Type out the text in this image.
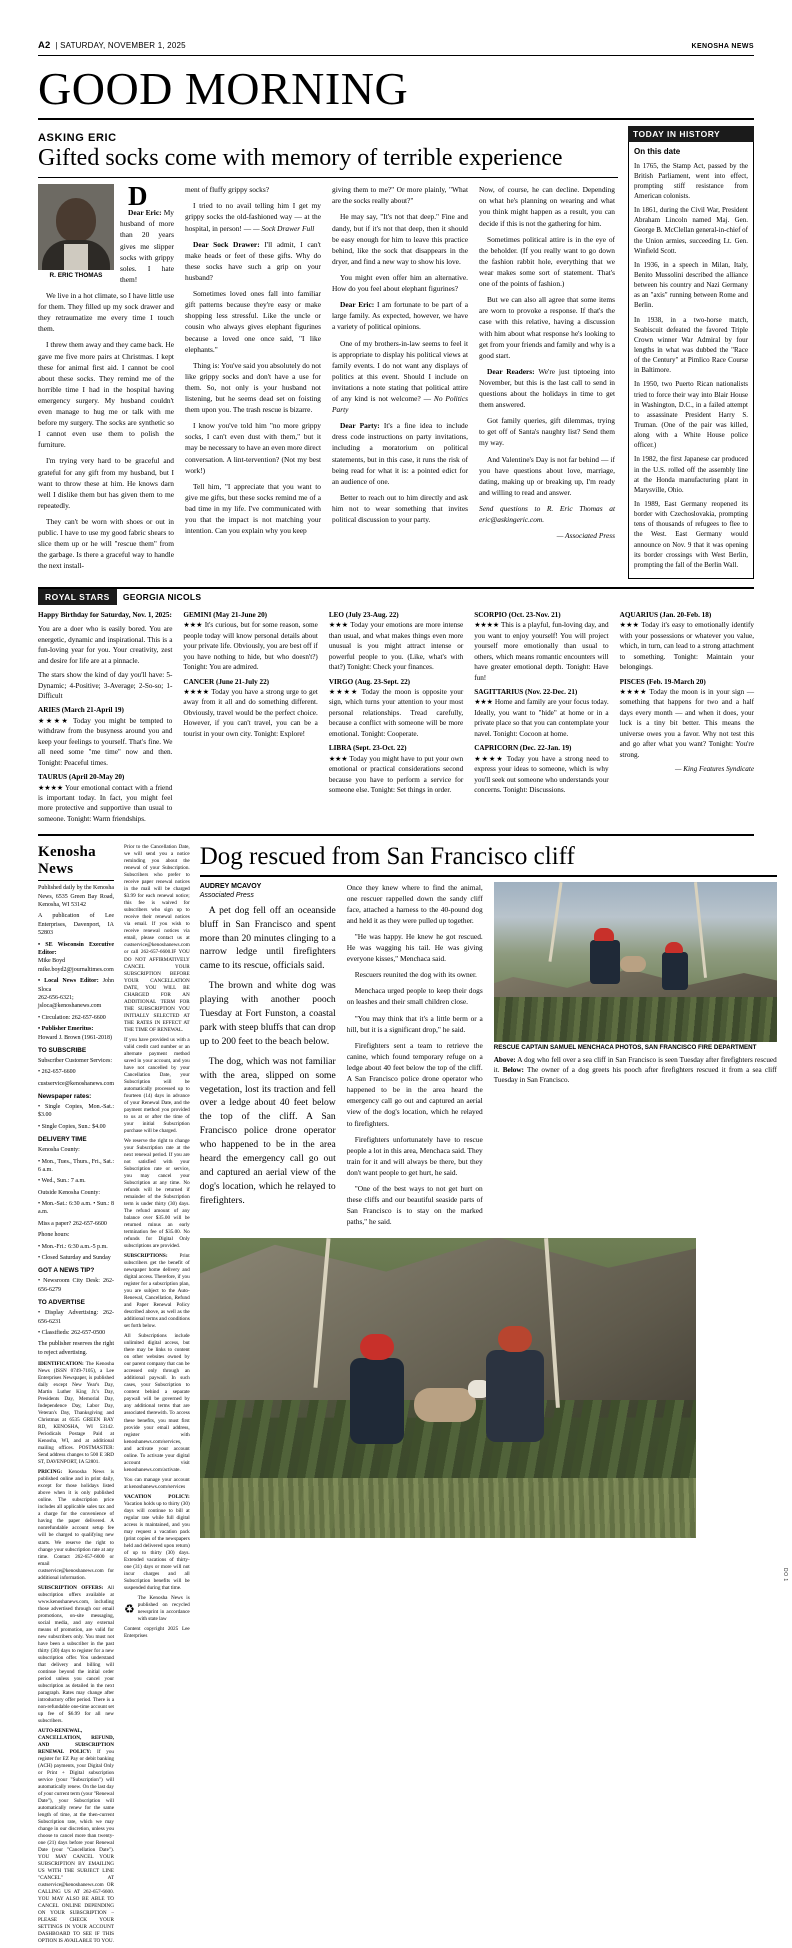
A2  | SATURDAY, NOVEMBER 1, 2025	KENOSHA NEWS
GOOD MORNING
ASKING ERIC
Gifted socks come with memory of terrible experience
R. ERIC THOMAS

D
Dear Eric: My husband of more than 20 years gives me slipper socks with grippy soles. I hate them!

We live in a hot climate, so I have little use for them. They filled up my sock drawer and they retraumatize me every time I touch them.

I threw them away and they came back. He gave me five more pairs at Christmas. I kept these for animal first aid. I cannot be cool about these socks. They remind me of the horrible time I had in the hospital having emergency surgery. My husband couldn't even manage to hug me or talk with me before my surgery. The socks are synthetic so I cannot even use them to polish the furniture.

I'm trying very hard to be graceful and grateful for any gift from my husband, but I want to throw these at him. He knows darn well I dislike them but has given them to me repeatedly.

They can't be worn with shoes or out in public. I have to use my good fabric shears to slice them up or he will "rescue them" from the garbage. Is there a graceful way to handle the next install-

ment of fluffy grippy socks?

I tried to no avail telling him I get my grippy socks the old-fashioned way — at the hospital, in person! — — Sock Drawer Full

Dear Sock Drawer: I'll admit, I can't make heads or feet of these gifts. Why do these socks have such a grip on your husband?

Sometimes loved ones fall into familiar gift patterns because they're easy or make shopping less stressful. Like the uncle or cousin who always gives elephant figurines because a loved one once said, "I like elephants."

Thing is: You've said you absolutely do not like grippy socks and don't have a use for them. So, not only is your husband not listening, but he seems dead set on foisting them upon you. The trash rescue is bizarre.

I know you've told him "no more grippy socks, I can't even dust with them," but it may be necessary to have an even more direct conversation. A lint-tervention? (Not my best work!)

Tell him, "I appreciate that you want to give me gifts, but these socks remind me of a bad time in my life. I've communicated with you that the impact is not matching your intention. Can you explain why you keep

giving them to me?" Or more plainly, "What are the socks really about?"

He may say, "It's not that deep." Fine and dandy, but if it's not that deep, then it should be easy enough for him to leave this practice behind, like the sock that disappears in the dryer, and find a new way to show his love.

You might even offer him an alternative. How do you feel about elephant figurines?

Dear Eric: I am fortunate to be part of a large family. As expected, however, we have a variety of political opinions.

One of my brothers-in-law seems to feel it is appropriate to display his political views at family events. I do not want any displays of politics at this event. Should I include on invitations a note stating that political attire of any kind is not welcome? — No Politics Party

Dear Party: It's a fine idea to include dress code instructions on party invitations, including a moratorium on political statements, but in this case, it runs the risk of being read for what it is: a pointed edict for an audience of one.

Better to reach out to him directly and ask him not to wear something that invites political discussion to your party.

Now, of course, he can decline. Depending on what he's planning on wearing and what you think might happen as a result, you can decide if this is not the gathering for him.

Sometimes political attire is in the eye of the beholder. (If you really want to go down the fashion rabbit hole, everything that we wear makes some sort of statement. That's one of the points of fashion.)

But we can also all agree that some items are worn to provoke a response. If that's the case with this relative, having a discussion with him about what response he's looking to get from your friends and family and why is a good start.

Dear Readers: We're just tiptoeing into November, but this is the last call to send in questions about the holidays in time to get them answered.

Got family queries, gift dilemmas, trying to get off of Santa's naughty list? Send them my way.

And Valentine's Day is not far behind — if you have questions about love, marriage, dating, making up or breaking up, I'm ready and willing to read and answer.

Send questions to R. Eric Thomas at eric@askingeric.com.

— Associated Press

TODAY IN HISTORY
On this date

In 1765, the Stamp Act, passed by the British Parliament, went into effect, prompting stiff resistance from American colonists.

In 1861, during the Civil War, President Abraham Lincoln named Maj. Gen. George B. McClellan general-in-chief of the Union armies, succeeding Lt. Gen. Winfield Scott.

In 1936, in a speech in Milan, Italy, Benito Mussolini described the alliance between his country and Nazi Germany as an "axis" running between Rome and Berlin.

In 1938, in a two-horse match, Seabiscuit defeated the favored Triple Crown winner War Admiral by four lengths in what was dubbed the "Race of the Century" at Pimlico Race Course in Baltimore.

In 1950, two Puerto Rican nationalists tried to force their way into Blair House in Washington, D.C., in a failed attempt to assassinate President Harry S. Truman. (One of the pair was killed, along with a White House police officer.)

In 1982, the first Japanese car produced in the U.S. rolled off the assembly line at the Honda manufacturing plant in Marysville, Ohio.

In 1989, East Germany reopened its border with Czechoslovakia, prompting tens of thousands of refugees to flee to the West. East Germany would announce on Nov. 9 that it was opening its border crossings with West Berlin, prompting the fall of the Berlin Wall.

ROYAL STARS	GEORGIA NICOLS

Happy Birthday for Saturday, Nov. 1, 2025:

You are a doer who is easily bored. You are energetic, dynamic and inspirational. This is a fun-loving year for you. Your creativity, zest and desire for life are at a pinnacle.

The stars show the kind of day you'll have: 5-Dynamic; 4-Positive; 3-Average; 2-So-so; 1-Difficult

ARIES (March 21-April 19)
★★★★ Today you might be tempted to withdraw from the busyness around you and keep your feelings to yourself. That's fine. We all need some "me time" now and then. Tonight: Peaceful times.

TAURUS (April 20-May 20)
★★★★ Your emotional contact with a friend is important today. In fact, you might feel more protective and supportive than usual to someone. Tonight: Warm friendships.

GEMINI (May 21-June 20)
★★★ It's curious, but for some reason, some people today will know personal details about your private life. Obviously, you are best off if you have nothing to hide, but who doesn't?) Tonight: You are admired.

CANCER (June 21-July 22)
★★★★ Today you have a strong urge to get away from it all and do something different. Obviously, travel would be the perfect choice. However, if you can't travel, you can be a tourist in your own city. Tonight: Explore!

LEO (July 23-Aug. 22)
★★★ Today your emotions are more intense than usual, and what makes things even more unusual is you might attract intense or powerful people to you. (Like, what's with that?) Tonight: Check your finances.

VIRGO (Aug. 23-Sept. 22)
★★★★ Today the moon is opposite your sign, which turns your attention to your most personal relationships. Tread carefully, because a conflict with someone will be more emotional. Tonight: Cooperate.

LIBRA (Sept. 23-Oct. 22)
★★★ Today you might have to put your own emotional or practical considerations second because you have to perform a service for someone else. Tonight: Set things in order.

SCORPIO (Oct. 23-Nov. 21)
★★★★ This is a playful, fun-loving day, and you want to enjoy yourself! You will project yourself more emotionally than usual to others, which means romantic encounters will have greater emotional depth. Tonight: Have fun!

SAGITTARIUS (Nov. 22-Dec. 21)
★★★ Home and family are your focus today. Ideally, you want to "hide" at home or in a private place so that you can contemplate your navel. Tonight: Cocoon at home.

CAPRICORN (Dec. 22-Jan. 19)
★★★★ Today you have a strong need to express your ideas to someone, which is why you'll seek out someone who understands your concerns. Tonight: Discussions.

AQUARIUS (Jan. 20-Feb. 18)
★★★ Today it's easy to emotionally identify with your possessions or whatever you value, which, in turn, can lead to a strong attachment to something. Tonight: Maintain your belongings.

PISCES (Feb. 19-March 20)
★★★★ Today the moon is in your sign — something that happens for two and a half days every month — and when it does, your luck is a tiny bit better. This means the universe owes you a favor. Why not test this and go after what you want? Tonight: You're strong.

— King Features Syndicate

Kenosha News

Published daily by the Kenosha News, 6535 Green Bay Road, Kenosha, WI 53142

A publication of Lee Enterprises, Davenport, IA 52803

• SE Wisconsin Executive Editor:
Mike Boyd
mike.boyd2@journaltimes.com

• Local News Editor: John Sloca
262-656-6321; jsloca@kenoshanews.com

• Circulation: 262-657-6600

• Publisher Emeritus:
Howard J. Brown (1961-2018)

TO SUBSCRIBE

Subscriber Customer Services:

• 262-657-6600

custservice@kenoshanews.com

Newspaper rates:

• Single Copies, Mon.-Sat.: $3.00

• Single Copies, Sun.: $4.00

DELIVERY TIME

Kenosha County:

• Mon., Tues., Thurs., Fri., Sat.: 6 a.m.

• Wed., Sun.: 7 a.m.

Outside Kenosha County:

• Mon.-Sat.: 6:30 a.m. • Sun.: 8 a.m.

Miss a paper? 262-657-6600

Phone hours:

• Mon.-Fri.: 6:30 a.m.-5 p.m.

• Closed Saturday and Sunday

GOT A NEWS TIP?

• Newsroom City Desk: 262-656-6279

TO ADVERTISE

• Display Advertising: 262-656-6231

• Classifieds: 262-657-0500

The publisher reserves the right to reject advertising.

IDENTIFICATION: The Kenosha News (ISSN 0749-7105), a Lee Enterprises Newspaper, is published daily except New Year's Day, Martin Luther King Jr.'s Day, Presidents Day, Memorial Day, Independence Day, Labor Day, Veteran's Day, Thanksgiving and Christmas at 6535 GREEN BAY RD, KENOSHA, WI 53142. Periodicals Postage Paid at Kenosha, WI, and at additional mailing offices. POSTMASTER: Send address changes to 500 E 3RD ST, DAVENPORT, IA 52801.

PRICING: Kenosha News is published online and in print daily, except for those holidays listed above when it is only published online. The subscription price includes all applicable sales tax and a charge for the convenience of having the paper delivered. A nonrefundable account setup fee will be charged to qualifying new starts. We reserve the right to change your subscription rate at any time. Contact 262-657-6600 or email custservice@kenoshanews.com for additional information.

SUBSCRIPTION OFFERS: All subscription offers available at www.kenoshanews.com, including those advertised through our email promotions, on-site messaging, social media, and any external means of promotion, are valid for new subscribers only. You must not have been a subscriber in the past thirty (30) days to register for a new subscription offer. You understand that delivery and billing will continue beyond the initial order period unless you cancel your subscription as detailed in the next paragraph. Rates may change after introductory offer period. There is a non-refundable one-time account set up fee of $6.99 for all new subscribers.

AUTO-RENEWAL, CANCELLATION, REFUND, AND SUBSCRIPTION RENEWAL POLICY: If you register for EZ Pay or debit banking (ACH) payments, your Digital Only or Print + Digital subscription service (your "Subscription") will automatically renew. On the last day of your current term (your "Renewal Date"), your Subscription will automatically renew for the same length of time, at the then-current Subscription rate, which we may change in our discretion, unless you choose to cancel more than twenty-one (21) days before your Renewal Date (your "Cancellation Date"). YOU MAY CANCEL YOUR SUBSCRIPTION BY EMAILING US WITH THE SUBJECT LINE "CANCEL" AT custservice@kenoshanews.com OR CALLING US AT 262-657-6600. YOU MAY ALSO BE ABLE TO CANCEL ONLINE DEPENDING ON YOUR SUBSCRIPTION – PLEASE CHECK YOUR SETTINGS IN YOUR ACCOUNT DASHBOARD TO SEE IF THIS OPTION IS AVAILABLE TO YOU.

Prior to the Cancellation Date, we will send you a notice reminding you about the renewal of your Subscription. Subscribers who prefer to receive paper renewal notices in the mail will be charged $3.99 for each renewal notice; this fee is waived for subscribers who sign up to receive their renewal notices via email. If you wish to receive renewal notices via email, please contact us at custservice@kenoshanews.com or call 262-657-6600.IF YOU DO NOT AFFIRMATIVELY CANCEL YOUR SUBSCRIPTION BEFORE YOUR CANCELLATION DATE, YOU WILL BE CHARGED FOR AN ADDITIONAL TERM FOR THE SUBSCRIPTION YOU INITIALLY SELECTED AT THE RATES IN EFFECT AT THE TIME OF RENEWAL.

If you have provided us with a valid credit card number or an alternate payment method saved in your account, and you have not cancelled by your Cancellation Date, your Subscription will be automatically processed up to fourteen (14) days in advance of your Renewal Date, and the payment method you provided to us at or after the time of your initial Subscription purchase will be charged.

We reserve the right to change your Subscription rate at the next renewal period. If you are not satisfied with your Subscription rate or service, you may cancel your Subscription at any time. No refunds will be returned if remainder of the Subscription term is under thirty (30) days. The refund amount of any balance over $35.00 will be returned minus an early termination fee of $35.00. No refunds for Digital Only subscriptions are provided.

SUBSCRIPTIONS: Print subscribers get the benefit of newspaper home delivery and digital access. Therefore, if you register for a subscription plan, you are subject to the Auto-Renewal, Cancellation, Refund and Paper Renewal Policy described above, as well as the additional terms and conditions set forth below.

All Subscriptions include unlimited digital access, but there may be links to content on other websites owned by our parent company that can be accessed only through an additional paywall. In such cases, your Subscription to content behind a separate paywall will be governed by any additional terms that are associated therewith. To access these benefits, you must first provide your email address, register with kenoshanews.com/services, and activate your account online. To activate your digital account visit kenoshanews.com/activate.

You can manage your account at kenoshanews.com/services

VACATION POLICY: Vacation holds up to thirty (30) days will continue to bill at regular rate while full digital access is maintained, and you may request a vacation pack (print copies of the newspapers held and delivered upon return) of up to thirty (30) days. Extended vacations of thirty-one (31) days or more will not incur charges and all Subscription benefits will be suspended during that time.

♻
The Kenosha News is published on recycled newsprint in accordance with state law

Content copyright 2025 Lee Enterprises

Dog rescued from San Francisco cliff
AUDREY MCAVOY
Associated Press

A pet dog fell off an oceanside bluff in San Francisco and spent more than 20 minutes clinging to a narrow ledge until firefighters came to its rescue, officials said.

The brown and white dog was playing with another pooch Tuesday at Fort Funston, a coastal park with steep bluffs that can drop up to 200 feet to the beach below.

The dog, which was not familiar with the area, slipped on some vegetation, lost its traction and fell over a ledge about 40 feet below the top of the cliff. A San Francisco police drone operator who happened to be in the area heard the emergency call go out and captured an aerial view of the dog's location, which he relayed to firefighters.

Once they knew where to find the animal, one rescuer rappelled down the sandy cliff face, attached a harness to the 40-pound dog and held it as they were pulled up together.

"He was happy. He knew he got rescued. He was wagging his tail. He was giving everyone kisses," Menchaca said.

Rescuers reunited the dog with its owner.

Menchaca urged people to keep their dogs on leashes and their small children close.

"You may think that it's a little berm or a hill, but it is a significant drop," he said.

Firefighters sent a team to retrieve the canine, which found temporary refuge on a ledge about 40 feet below the top of the cliff. A San Francisco police drone operator who happened to be in the area heard the emergency call go out and captured an aerial view of the dog's location, which he relayed to firefighters.

Firefighters unfortunately have to rescue people a lot in this area, Menchaca said. They train for it and will always be there, but they don't want people to get hurt, he said.

"One of the best ways to not get hurt on these cliffs and our beautiful seaside parts of San Francisco is to stay on the marked paths," he said.

RESCUE CAPTAIN SAMUEL MENCHACA PHOTOS, SAN FRANCISCO FIRE DEPARTMENT
Above: A dog who fell over a sea cliff in San Francisco is seen Tuesday after firefighters rescued it. Below: The owner of a dog greets his pooch after firefighters rescued it from a sea cliff Tuesday in San Francisco.
DO 1
